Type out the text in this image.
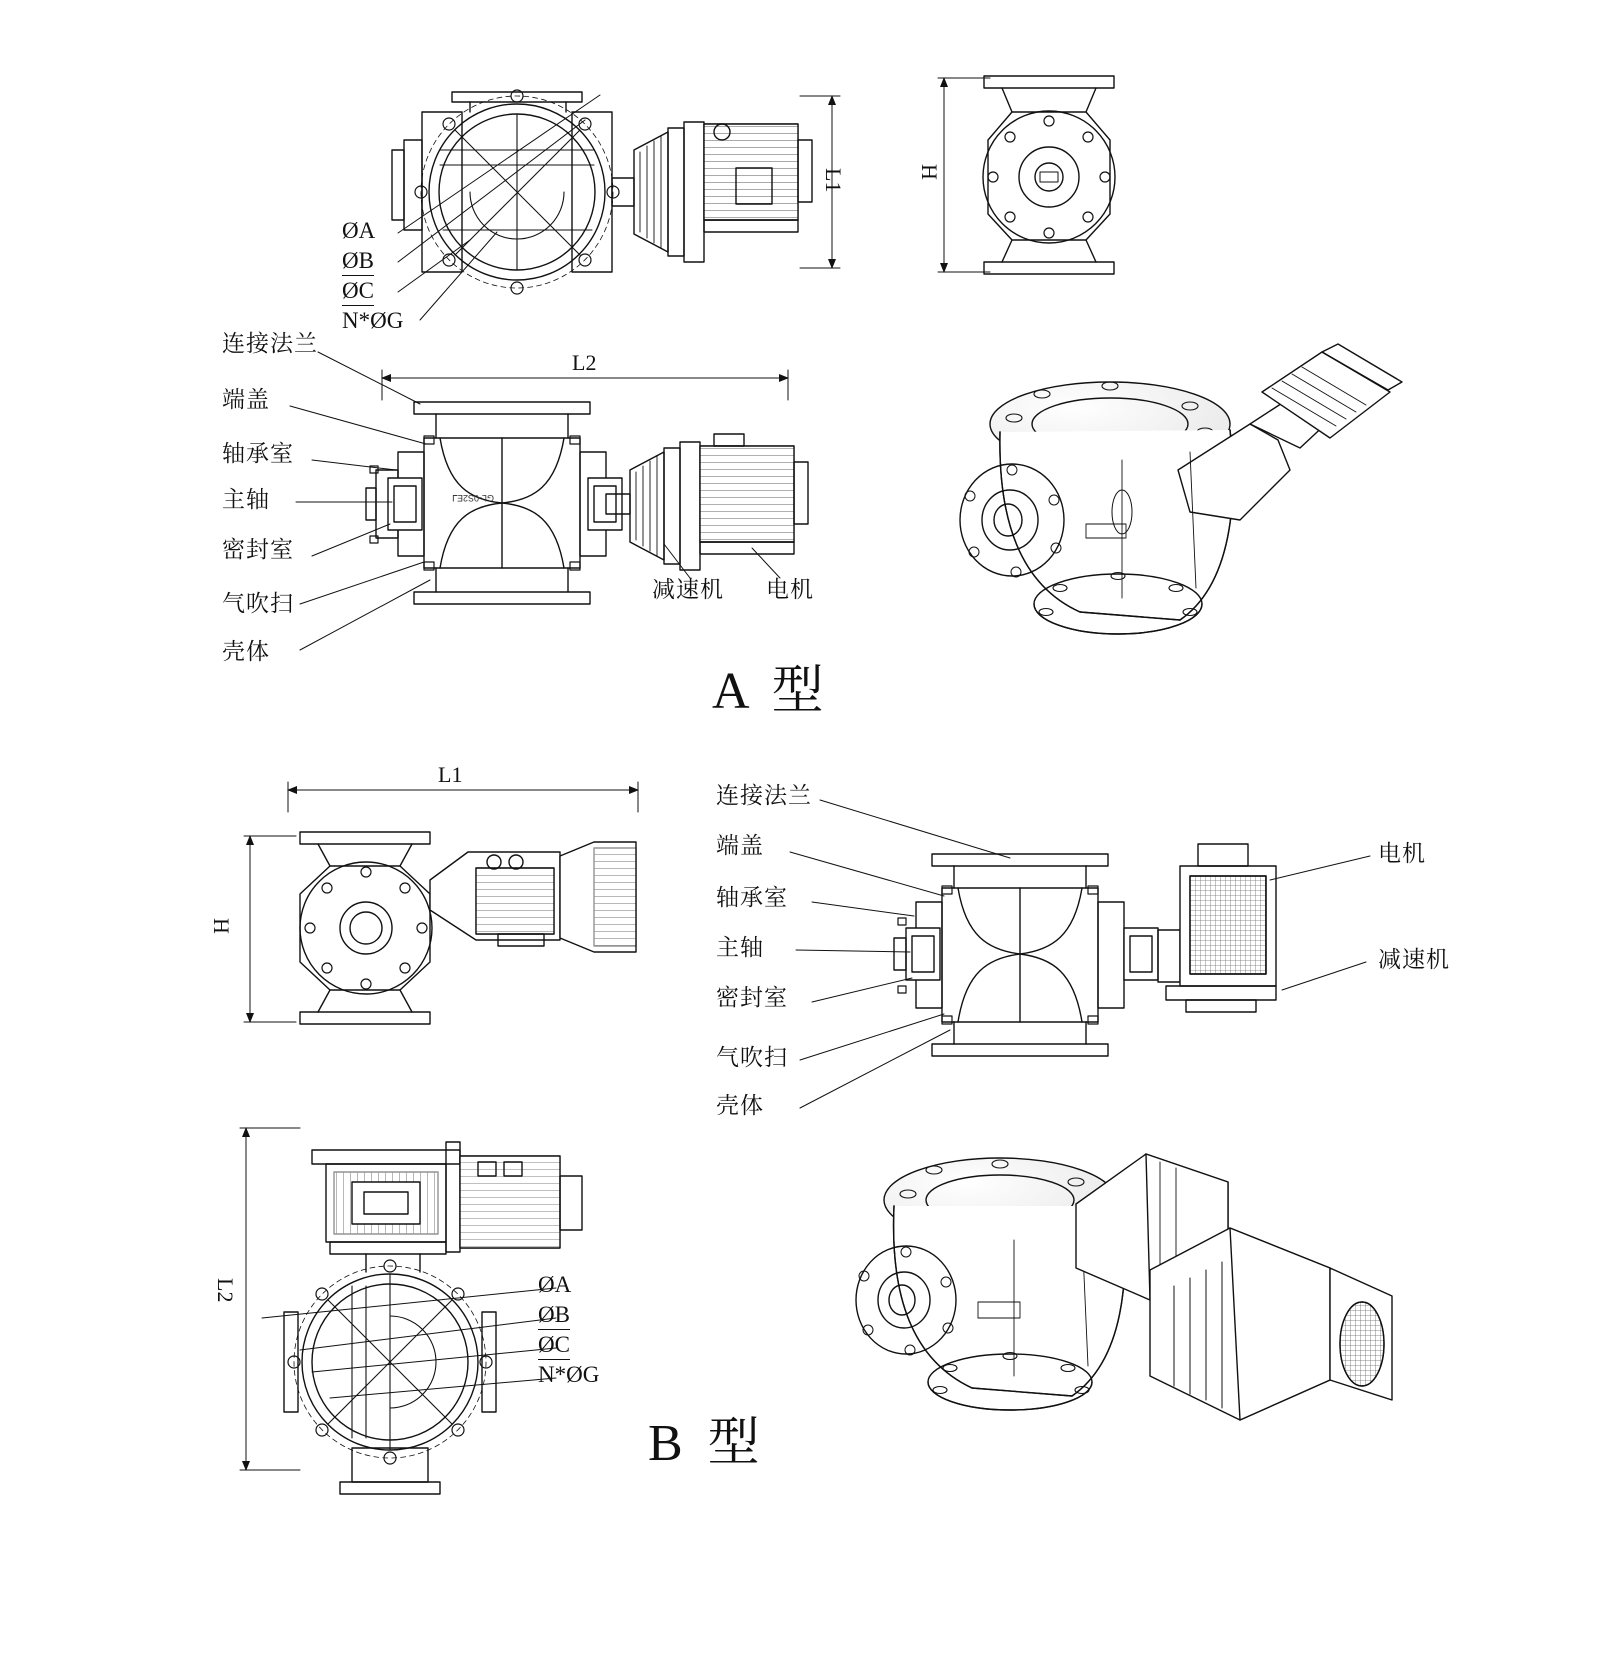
ØA
ØB
ØC
N*ØG
L1	H
L2
连接法兰
端盖
轴承室
主轴
密封室
气吹扫
壳体
减速机 电机
GL-0S2E⅃
A 型
L1
H
L2	ØA
ØB
ØC
N*ØG
连接法兰
端盖
轴承室
主轴
密封室
气吹扫
壳体
电机
减速机
B 型
